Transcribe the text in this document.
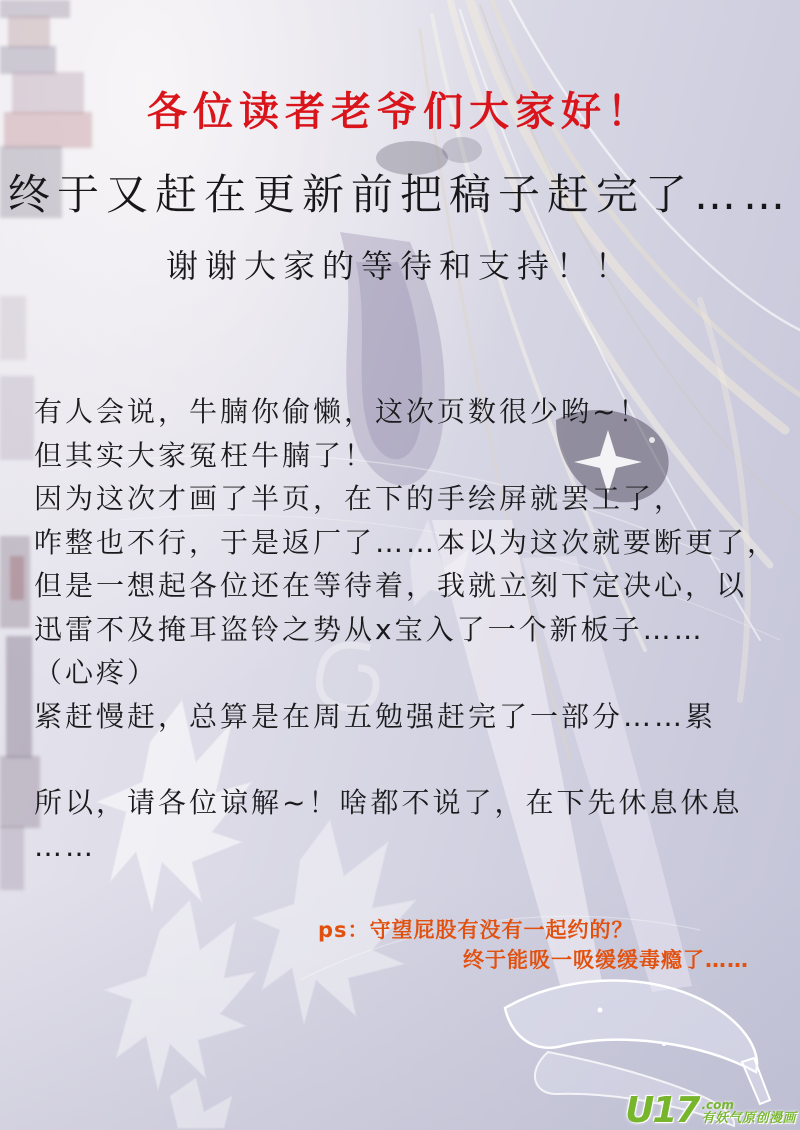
各位读者老爷们大家好！
终于又赶在更新前把稿子赶完了……
谢谢大家的等待和支持！！
有人会说，牛腩你偷懒，这次页数很少哟~！
但其实大家冤枉牛腩了！
因为这次才画了半页，在下的手绘屏就罢工了，
咋整也不行，于是返厂了……本以为这次就要断更了，
但是一想起各位还在等待着，我就立刻下定决心，以
迅雷不及掩耳盗铃之势从x宝入了一个新板子……
（心疼）
紧赶慢赶，总算是在周五勉强赶完了一部分……累
所以，请各位谅解~！啥都不说了，在下先休息休息
……
ps：守望屁股有没有一起约的？
终于能吸一吸缓缓毒瘾了……
U17 .com
有妖气原创漫画
